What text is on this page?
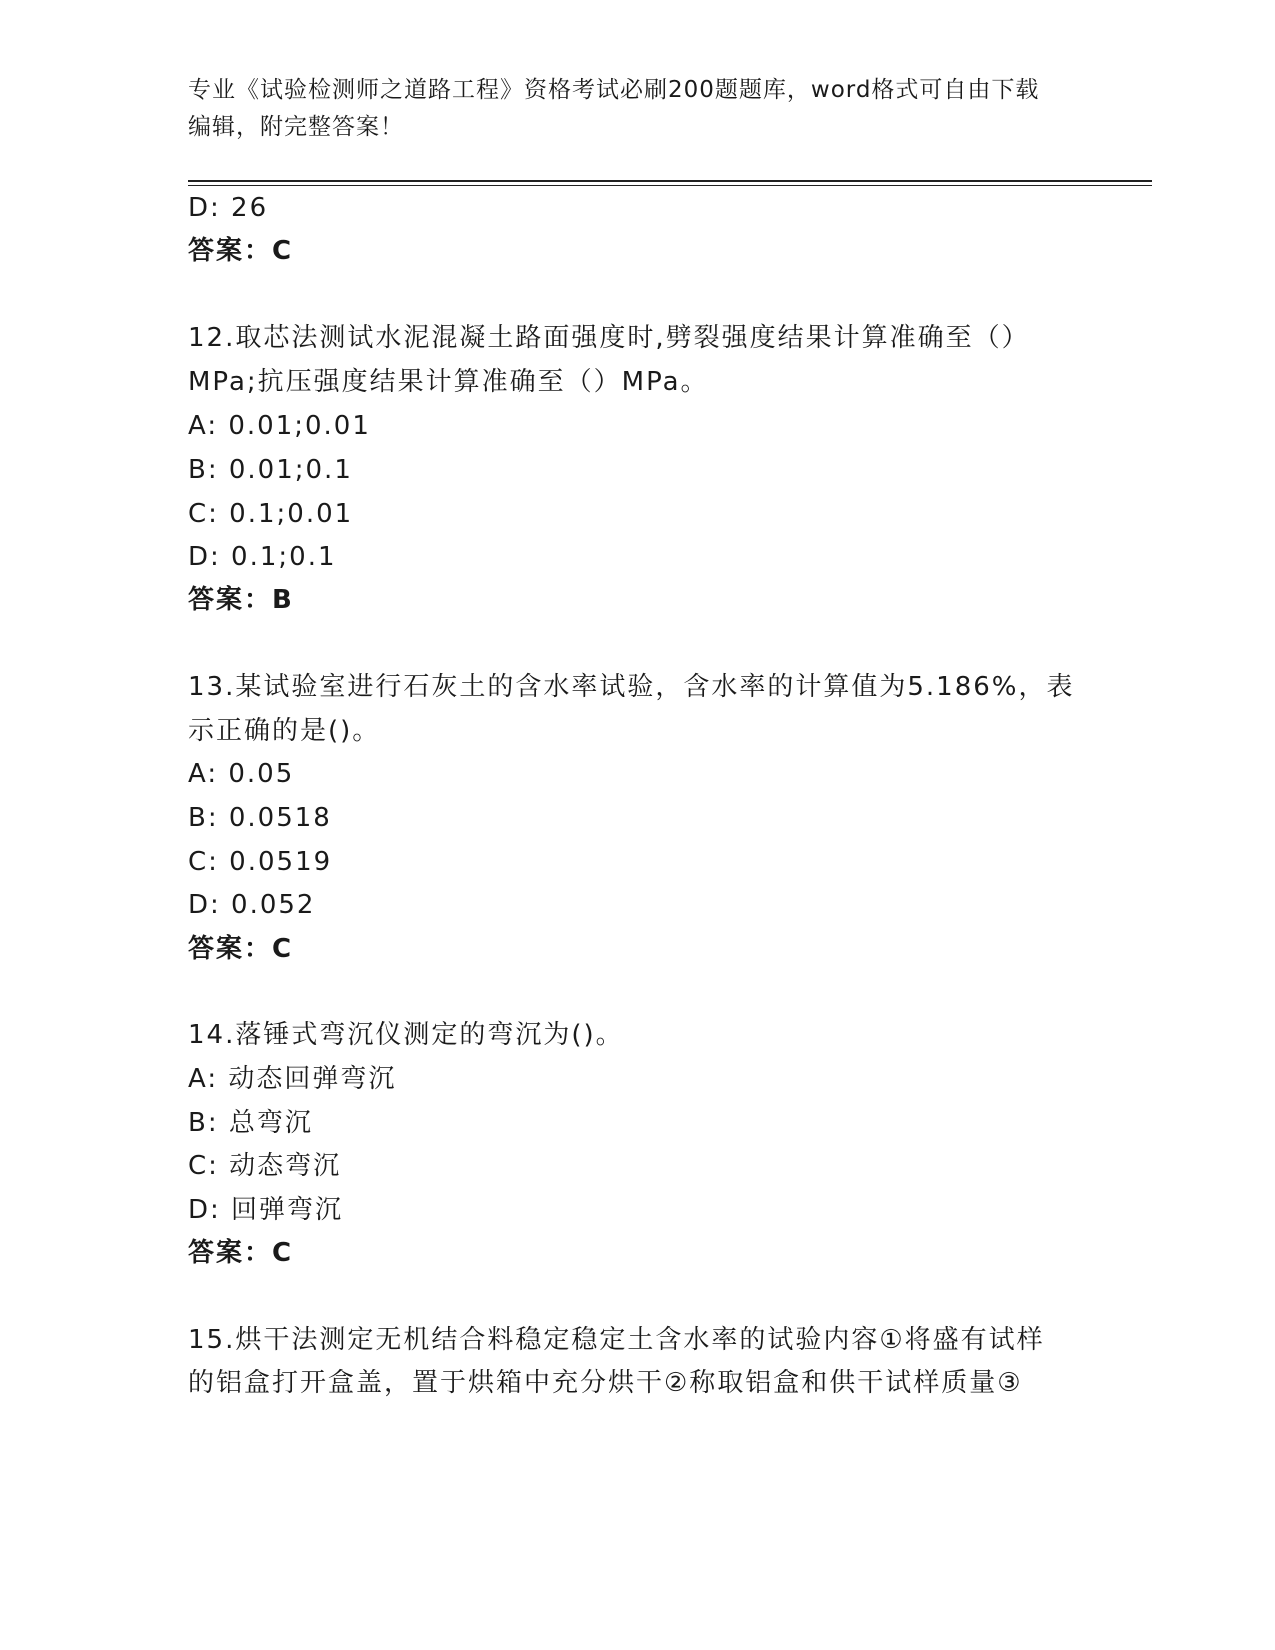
专业《试验检测师之道路工程》资格考试必刷200题题库，word格式可自由下载
编辑，附完整答案！
D: 26
答案：C
12.取芯法测试水泥混凝土路面强度时,劈裂强度结果计算准确至（）
MPa;抗压强度结果计算准确至（）MPa。
A: 0.01;0.01
B: 0.01;0.1
C: 0.1;0.01
D: 0.1;0.1
答案：B
13.某试验室进行石灰土的含水率试验，含水率的计算值为5.186%，表
示正确的是()。
A: 0.05
B: 0.0518
C: 0.0519
D: 0.052
答案：C
14.落锤式弯沉仪测定的弯沉为()。
A: 动态回弹弯沉
B: 总弯沉
C: 动态弯沉
D: 回弹弯沉
答案：C
15.烘干法测定无机结合料稳定稳定土含水率的试验内容①将盛有试样
的铝盒打开盒盖，置于烘箱中充分烘干②称取铝盒和供干试样质量③
